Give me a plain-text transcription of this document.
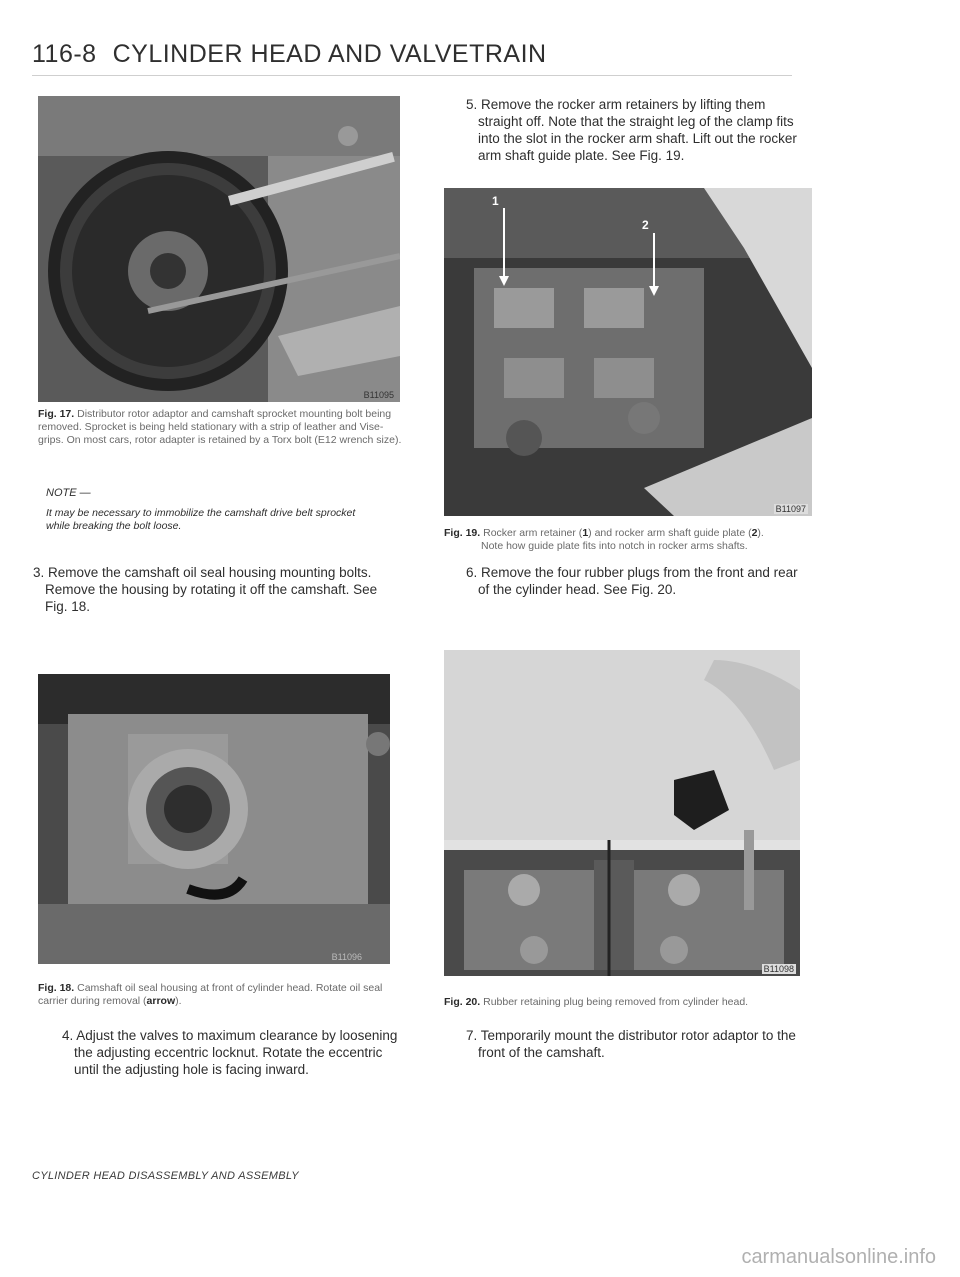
116-8 CYLINDER HEAD AND VALVETRAIN
B11095
Fig. 17. Distributor rotor adaptor and camshaft sprocket mounting bolt being removed. Sprocket is being held stationary with a strip of leather and Vise-grips. On most cars, rotor adapter is retained by a Torx bolt (E12 wrench size).
NOTE —
It may be necessary to immobilize the camshaft drive belt sprocket while breaking the bolt loose.
3. Remove the camshaft oil seal housing mounting bolts.
Remove the housing by rotating it off the camshaft. See
Fig. 18.
B11096
Fig. 18. Camshaft oil seal housing at front of cylinder head. Rotate oil seal carrier during removal (arrow).
4. Adjust the valves to maximum clearance by loosening
the adjusting eccentric locknut. Rotate the eccentric
until the adjusting hole is facing inward.
5. Remove the rocker arm retainers by lifting them
straight off. Note that the straight leg of the clamp fits
into the slot in the rocker arm shaft. Lift out the rocker
arm shaft guide plate. See Fig. 19.
1
2
B11097
Fig. 19. Rocker arm retainer (1) and rocker arm shaft guide plate (2).
Note how guide plate fits into notch in rocker arms shafts.
6. Remove the four rubber plugs from the front and rear
of the cylinder head. See Fig. 20.
B11098
Fig. 20. Rubber retaining plug being removed from cylinder head.
7. Temporarily mount the distributor rotor adaptor to the
front of the camshaft.
CYLINDER HEAD DISASSEMBLY AND ASSEMBLY
carmanualsonline.info
